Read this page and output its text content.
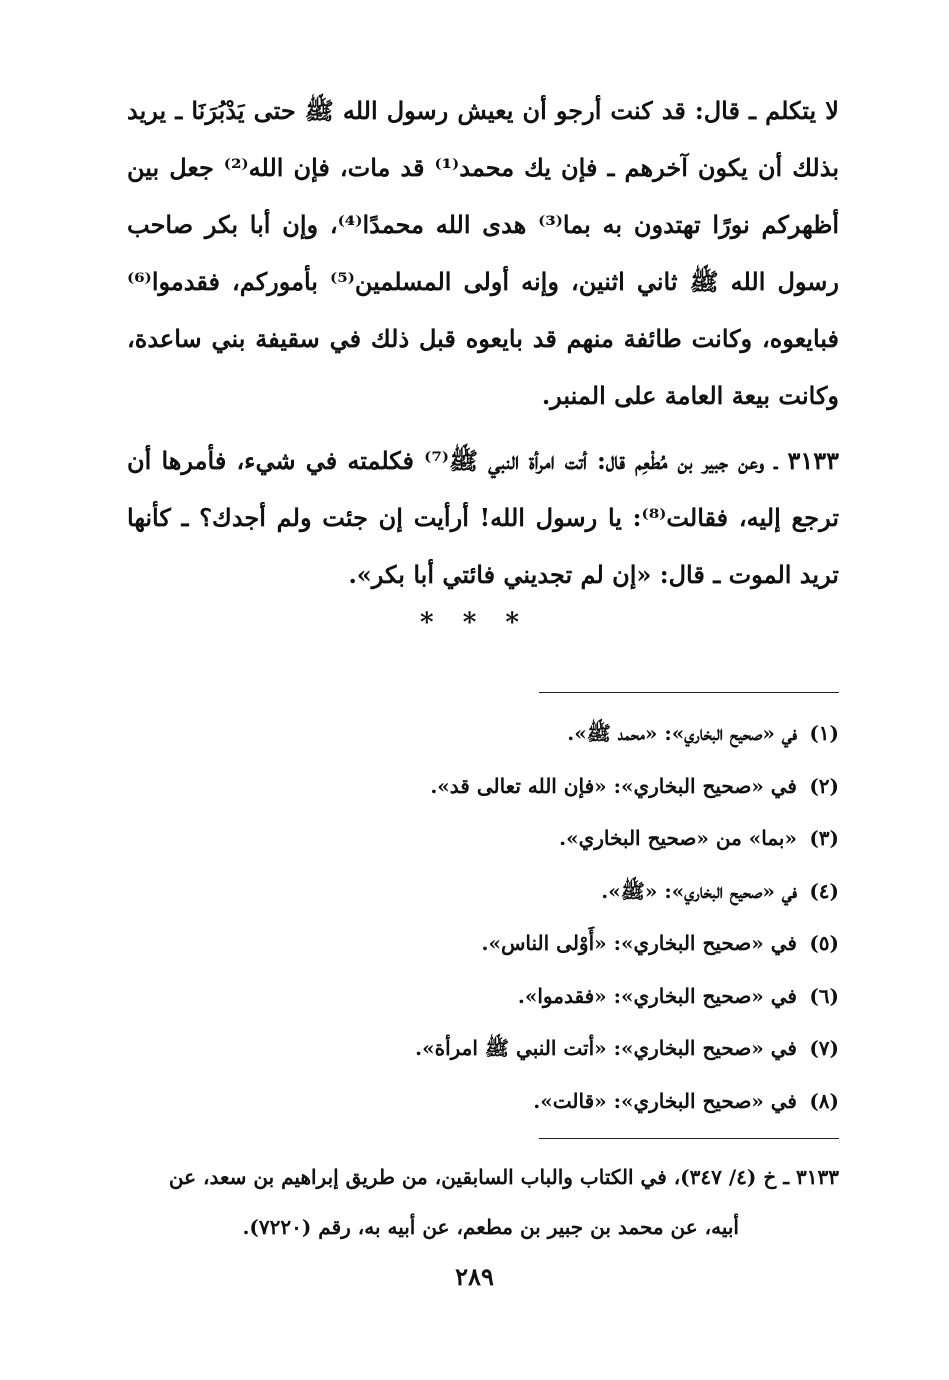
لا يتكلم ـ قال: قد كنت أرجو أن يعيش رسول الله ﷺ حتى يَدْبُرَنَا ـ يريد بذلك أن يكون آخرهم ـ فإن يك محمد⁽¹⁾ قد مات، فإن الله⁽²⁾ جعل بين أظهركم نورًا تهتدون به بما⁽³⁾ هدى الله محمدًا⁽⁴⁾، وإن أبا بكر صاحب رسول الله ﷺ ثاني اثنين، وإنه أولى المسلمين⁽⁵⁾ بأموركم، فقدموا⁽⁶⁾ فبايعوه، وكانت طائفة منهم قد بايعوه قبل ذلك في سقيفة بني ساعدة، وكانت بيعة العامة على المنبر.

٣١٣٣ ـ وعن جبير بن مُطْعِم قال: أتت امرأة النبي ﷺ⁽⁷⁾ فكلمته في شيء، فأمرها أن ترجع إليه، فقالت⁽⁸⁾: يا رسول الله! أرأيت إن جئت ولم أجدك؟ ـ كأنها تريد الموت ـ قال: «إن لم تجديني فائتي أبا بكر».

* * *
(١)في «صحيح البخاري»: «محمد ﷺ».
(٢)في «صحيح البخاري»: «فإن الله تعالى قد».
(٣)«بما» من «صحيح البخاري».
(٤)في «صحيح البخاري»: «ﷺ».
(٥)في «صحيح البخاري»: «أَوْلى الناس».
(٦)في «صحيح البخاري»: «فقدموا».
(٧)في «صحيح البخاري»: «أتت النبي ﷺ امرأة».
(٨)في «صحيح البخاري»: «قالت».
٣١٣٣ ـ خ (٤/ ٣٤٧)، في الكتاب والباب السابقين، من طريق إبراهيم بن سعد، عن
أبيه، عن محمد بن جبير بن مطعم، عن أبيه به، رقم (٧٢٢٠).
٢٨٩
